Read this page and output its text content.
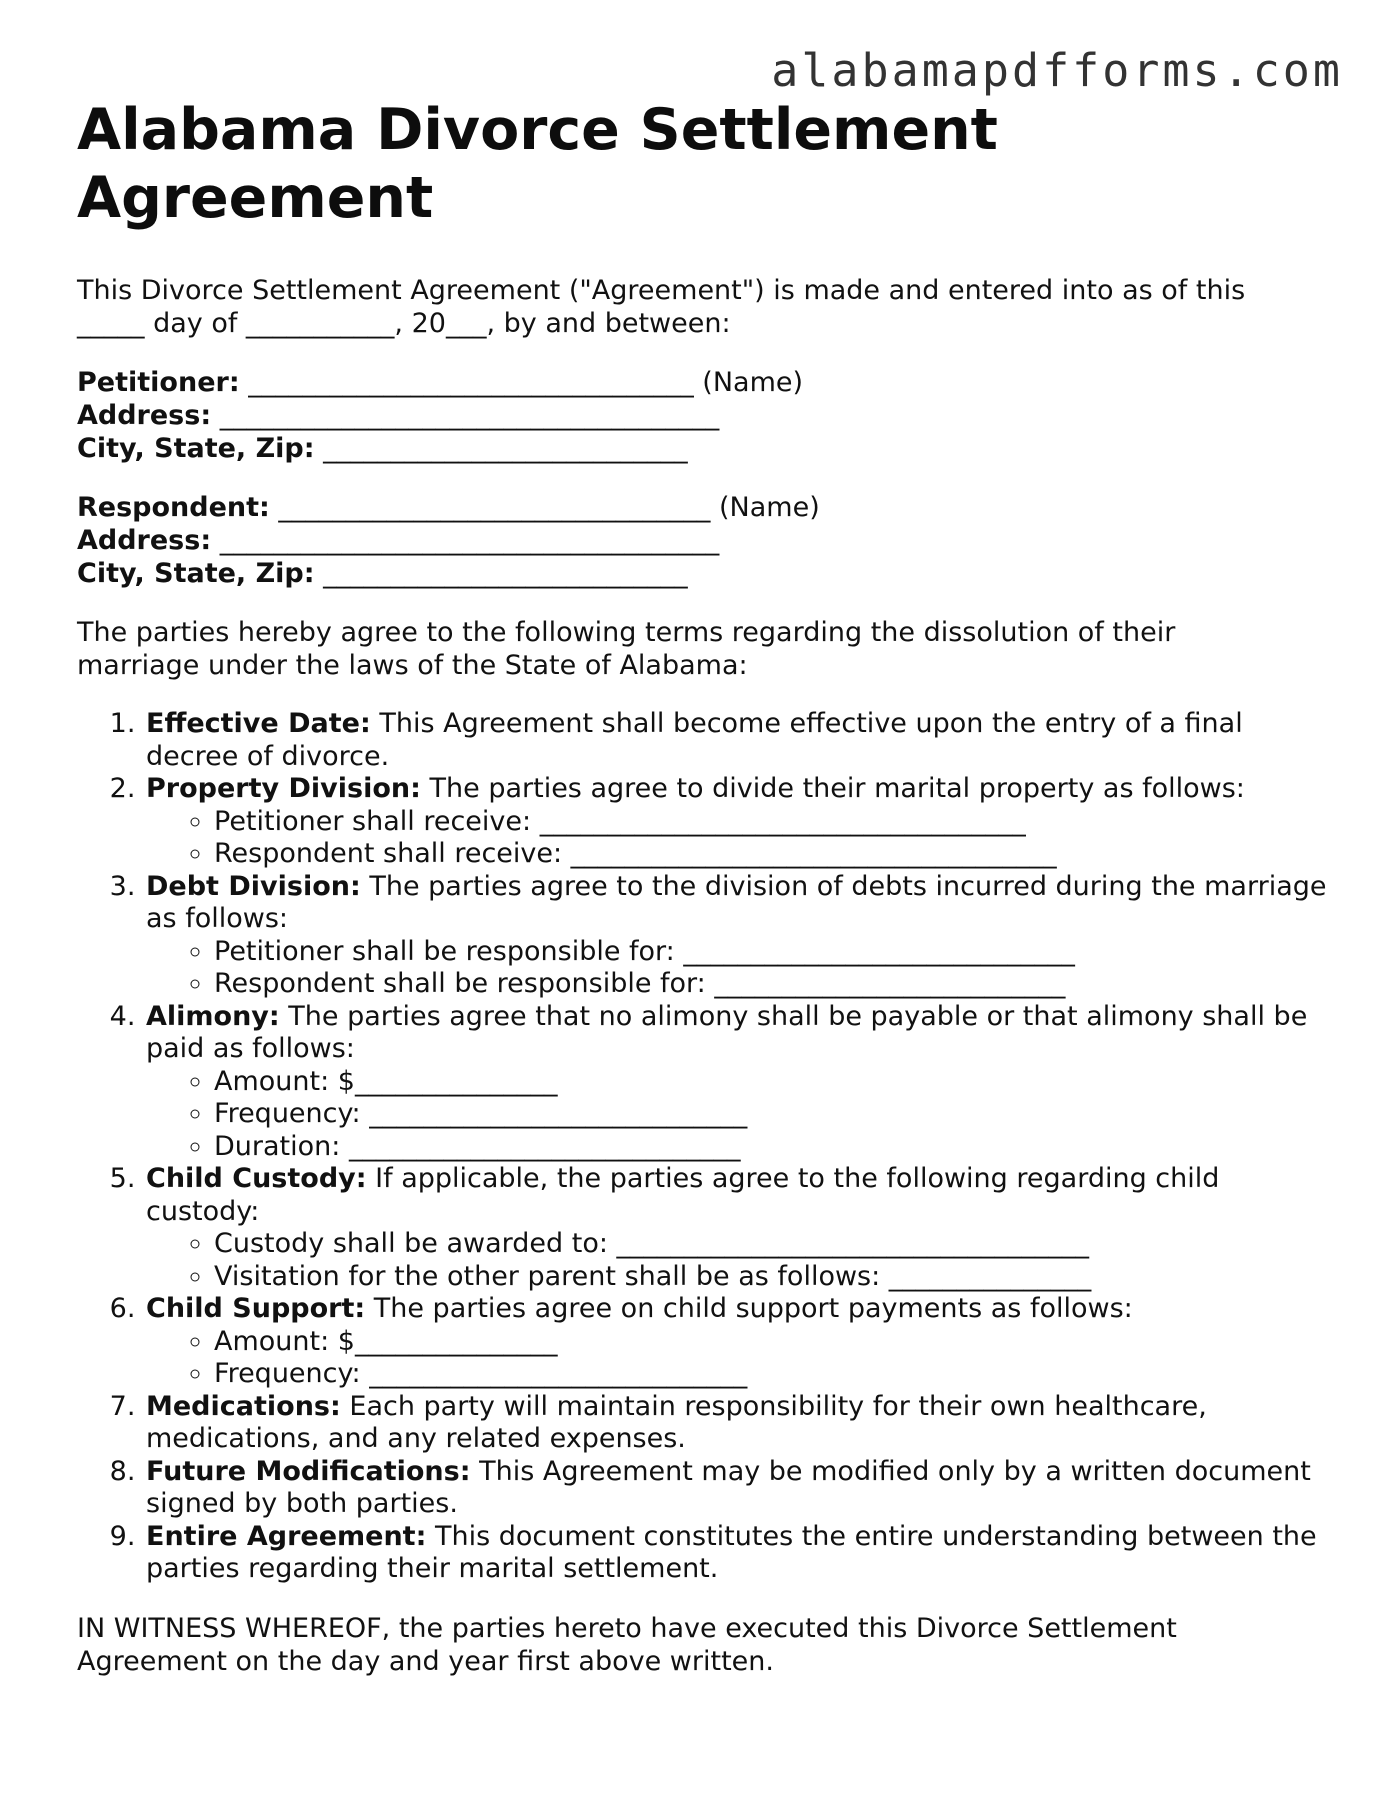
alabamapdfforms.com
Alabama Divorce Settlement Agreement

This Divorce Settlement Agreement ("Agreement") is made and entered into as of this _____ day of ___________, 20___, by and between:

Petitioner: _________________________________ (Name)
Address: _____________________________________
City, State, Zip: ___________________________
Respondent: ________________________________ (Name)
Address: _____________________________________
City, State, Zip: ___________________________

The parties hereby agree to the following terms regarding the dissolution of their marriage under the laws of the State of Alabama:

1. Effective Date: This Agreement shall become effective upon the entry of a final decree of divorce.
2. Property Division: The parties agree to divide their marital property as follows:
◦ Petitioner shall receive: ____________________________________
◦ Respondent shall receive: ____________________________________
3. Debt Division: The parties agree to the division of debts incurred during the marriage as follows:
◦ Petitioner shall be responsible for: _____________________________
◦ Respondent shall be responsible for: __________________________
4. Alimony: The parties agree that no alimony shall be payable or that alimony shall be paid as follows:
◦ Amount: $_______________
◦ Frequency: ____________________________
◦ Duration: _____________________________
5. Child Custody: If applicable, the parties agree to the following regarding child custody:
◦ Custody shall be awarded to: ___________________________________
◦ Visitation for the other parent shall be as follows: _______________
6. Child Support: The parties agree on child support payments as follows:
◦ Amount: $_______________
◦ Frequency: ____________________________
7. Medications: Each party will maintain responsibility for their own healthcare, medications, and any related expenses.
8. Future Modifications: This Agreement may be modified only by a written document signed by both parties.
9. Entire Agreement: This document constitutes the entire understanding between the parties regarding their marital settlement.

IN WITNESS WHEREOF, the parties hereto have executed this Divorce Settlement Agreement on the day and year first above written.
